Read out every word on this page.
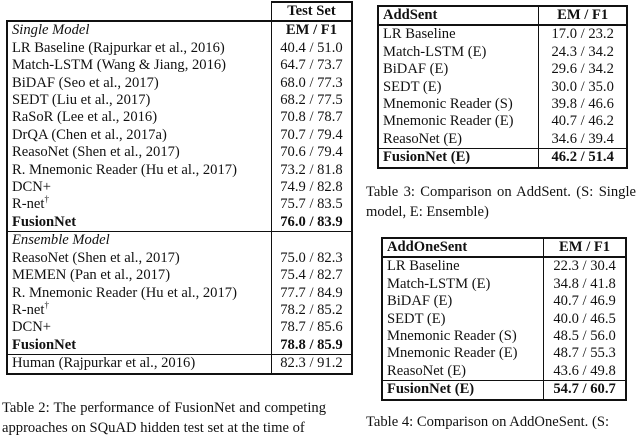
	Test Set
Single Model	EM / F1
LR Baseline (Rajpurkar et al., 2016)	40.4 / 51.0
Match-LSTM (Wang & Jiang, 2016)	64.7 / 73.7
BiDAF (Seo et al., 2017)	68.0 / 77.3
SEDT (Liu et al., 2017)	68.2 / 77.5
RaSoR (Lee et al., 2016)	70.8 / 78.7
DrQA (Chen et al., 2017a)	70.7 / 79.4
ReasoNet (Shen et al., 2017)	70.6 / 79.4
R. Mnemonic Reader (Hu et al., 2017)	73.2 / 81.8
DCN+	74.9 / 82.8
R-net†	75.7 / 83.5
FusionNet	76.0 / 83.9
Ensemble Model	
ReasoNet (Shen et al., 2017)	75.0 / 82.3
MEMEN (Pan et al., 2017)	75.4 / 82.7
R. Mnemonic Reader (Hu et al., 2017)	77.7 / 84.9
R-net†	78.2 / 85.2
DCN+	78.7 / 85.6
FusionNet	78.8 / 85.9
Human (Rajpurkar et al., 2016)	82.3 / 91.2
Table 2: The performance of FusionNet and competing approaches on SQuAD hidden test set at the time of
AddSent	EM / F1
LR Baseline	17.0 / 23.2
Match-LSTM (E)	24.3 / 34.2
BiDAF (E)	29.6 / 34.2
SEDT (E)	30.0 / 35.0
Mnemonic Reader (S)	39.8 / 46.6
Mnemonic Reader (E)	40.7 / 46.2
ReasoNet (E)	34.6 / 39.4
FusionNet (E)	46.2 / 51.4
Table 3: Comparison on AddSent. (S: Single model, E: Ensemble)
AddOneSent	EM / F1
LR Baseline	22.3 / 30.4
Match-LSTM (E)	34.8 / 41.8
BiDAF (E)	40.7 / 46.9
SEDT (E)	40.0 / 46.5
Mnemonic Reader (S)	48.5 / 56.0
Mnemonic Reader (E)	48.7 / 55.3
ReasoNet (E)	43.6 / 49.8
FusionNet (E)	54.7 / 60.7
Table 4: Comparison on AddOneSent. (S:
